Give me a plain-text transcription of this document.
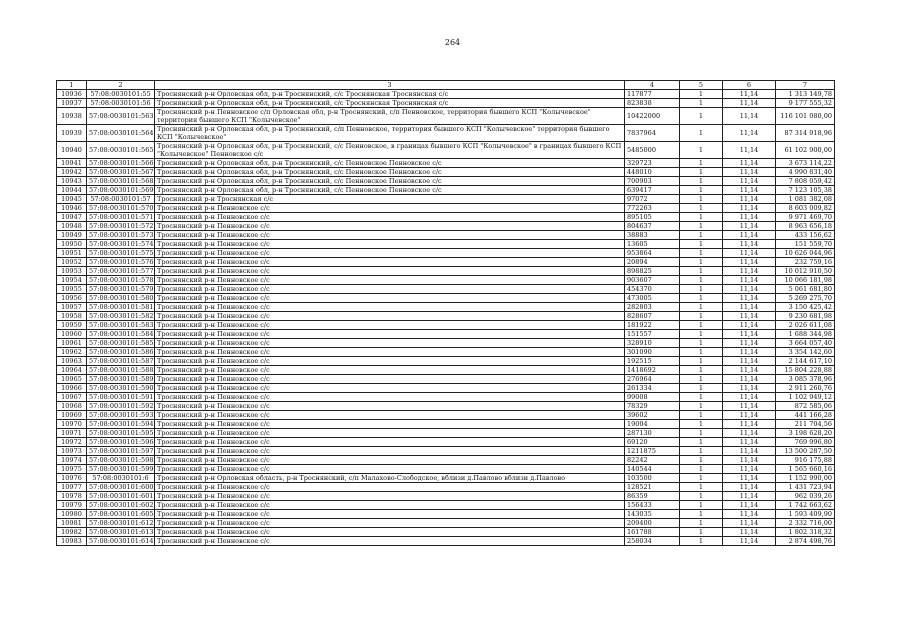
264
1	2	3	4	5	6	7
10936	57:08:0030101:55	Троснянский р-н Орловская обл, р-н Троснянский, с/с Троснянская Троснянская с/с	117877	1	11,14	1 313 149,78
10937	57:08:0030101:56	Троснянский р-н Орловская обл, р-н Троснянский, с/с Троснянская Троснянская с/с	823838	1	11,14	9 177 555,32
10938	57:08:0030101:563	Троснянский р-н Пенновское с/п Орловская обл, р-н Троснянский, с/п Пенновское, территория бывшего КСП "Колычевское" территория бывшего КСП "Колычевское"	10422000	1	11,14	116 101 080,00
10939	57:08:0030101:564	Троснянский р-н Орловская обл, р-н Троснянский, с/п Пенновское, территория бывшего КСП "Колычевское" территория бывшего КСП "Колычевское"	7837964	1	11,14	87 314 918,96
10940	57:08:0030101:565	Троснянский р-н Орловская обл, р-н Троснянский, с/с Пенновское, в границах бывшего КСП "Колычевское" в границах бывшего КСП "Колычевское" Пенновское с/с	5485000	1	11,14	61 102 900,00
10941	57:08:0030101:566	Троснянский р-н Орловская обл, р-н Троснянский, с/с Пенновское Пенновское с/с	329723	1	11,14	3 673 114,22
10942	57:08:0030101:567	Троснянский р-н Орловская обл, р-н Троснянский, с/с Пенновское Пенновское с/с	448010	1	11,14	4 990 831,40
10943	57:08:0030101:568	Троснянский р-н Орловская обл, р-н Троснянский, с/с Пенновское Пенновское с/с	700903	1	11,14	7 808 059,42
10944	57:08:0030101:569	Троснянский р-н Орловская обл, р-н Троснянский, с/с Пенновское Пенновское с/с	639417	1	11,14	7 123 105,38
10945	57:08:0030101:57	Троснянский р-н Троснянская с/с	97072	1	11,14	1 081 382,08
10946	57:08:0030101:570	Троснянский р-н Пенновское с/с	772263	1	11,14	8 603 009,82
10947	57:08:0030101:571	Троснянский р-н Пенновское с/с	895105	1	11,14	9 971 469,70
10948	57:08:0030101:572	Троснянский р-н Пенновское с/с	804637	1	11,14	8 963 656,18
10949	57:08:0030101:573	Троснянский р-н Пенновское с/с	38883	1	11,14	433 156,62
10950	57:08:0030101:574	Троснянский р-н Пенновское с/с	13605	1	11,14	151 559,70
10951	57:08:0030101:575	Троснянский р-н Пенновское с/с	953864	1	11,14	10 626 044,96
10952	57:08:0030101:576	Троснянский р-н Пенновское с/с	20894	1	11,14	232 759,16
10953	57:08:0030101:577	Троснянский р-н Пенновское с/с	898825	1	11,14	10 012 910,50
10954	57:08:0030101:578	Троснянский р-н Пенновское с/с	903607	1	11,14	10 066 181,98
10955	57:08:0030101:579	Троснянский р-н Пенновское с/с	454370	1	11,14	5 061 681,80
10956	57:08:0030101:580	Троснянский р-н Пенновское с/с	473005	1	11,14	5 269 275,70
10957	57:08:0030101:581	Троснянский р-н Пенновское с/с	282803	1	11,14	3 150 425,42
10958	57:08:0030101:582	Троснянский р-н Пенновское с/с	828607	1	11,14	9 230 681,98
10959	57:08:0030101:583	Троснянский р-н Пенновское с/с	181922	1	11,14	2 026 611,08
10960	57:08:0030101:584	Троснянский р-н Пенновское с/с	151557	1	11,14	1 688 344,98
10961	57:08:0030101:585	Троснянский р-н Пенновское с/с	328910	1	11,14	3 664 057,40
10962	57:08:0030101:586	Троснянский р-н Пенновское с/с	301090	1	11,14	3 354 142,60
10963	57:08:0030101:587	Троснянский р-н Пенновское с/с	192515	1	11,14	2 144 617,10
10964	57:08:0030101:588	Троснянский р-н Пенновское с/с	1418692	1	11,14	15 804 228,88
10965	57:08:0030101:589	Троснянский р-н Пенновское с/с	276964	1	11,14	3 085 378,96
10966	57:08:0030101:590	Троснянский р-н Пенновское с/с	261334	1	11,14	2 911 260,76
10967	57:08:0030101:591	Троснянский р-н Пенновское с/с	99008	1	11,14	1 102 949,12
10968	57:08:0030101:592	Троснянский р-н Пенновское с/с	78329	1	11,14	872 585,06
10969	57:08:0030101:593	Троснянский р-н Пенновское с/с	39602	1	11,14	441 166,28
10970	57:08:0030101:594	Троснянский р-н Пенновское с/с	19004	1	11,14	211 704,56
10971	57:08:0030101:595	Троснянский р-н Пенновское с/с	287130	1	11,14	3 198 628,20
10972	57:08:0030101:596	Троснянский р-н Пенновское с/с	69120	1	11,14	769 996,80
10973	57:08:0030101:597	Троснянский р-н Пенновское с/с	1211875	1	11,14	13 500 287,50
10974	57:08:0030101:598	Троснянский р-н Пенновское с/с	82242	1	11,14	916 175,88
10975	57:08:0030101:599	Троснянский р-н Пенновское с/с	140544	1	11,14	1 565 660,16
10976	57:08:0030101:6	Троснянский р-н Орловская область, р-н Троснянский, с/п Малахово-Слободское, вблизи д.Павлово вблизи д.Павлово	103500	1	11,14	1 152 990,00
10977	57:08:0030101:600	Троснянский р-н Пенновское с/с	128521	1	11,14	1 431 723,94
10978	57:08:0030101:601	Троснянский р-н Пенновское с/с	86359	1	11,14	962 039,26
10979	57:08:0030101:602	Троснянский р-н Пенновское с/с	156433	1	11,14	1 742 663,62
10980	57:08:0030101:605	Троснянский р-н Пенновское с/с	143035	1	11,14	1 593 409,90
10981	57:08:0030101:612	Троснянский р-н Пенновское с/с	209400	1	11,14	2 332 716,00
10982	57:08:0030101:613	Троснянский р-н Пенновское с/с	161788	1	11,14	1 802 318,32
10983	57:08:0030101:614	Троснянский р-н Пенновское с/с	258034	1	11,14	2 874 498,76
